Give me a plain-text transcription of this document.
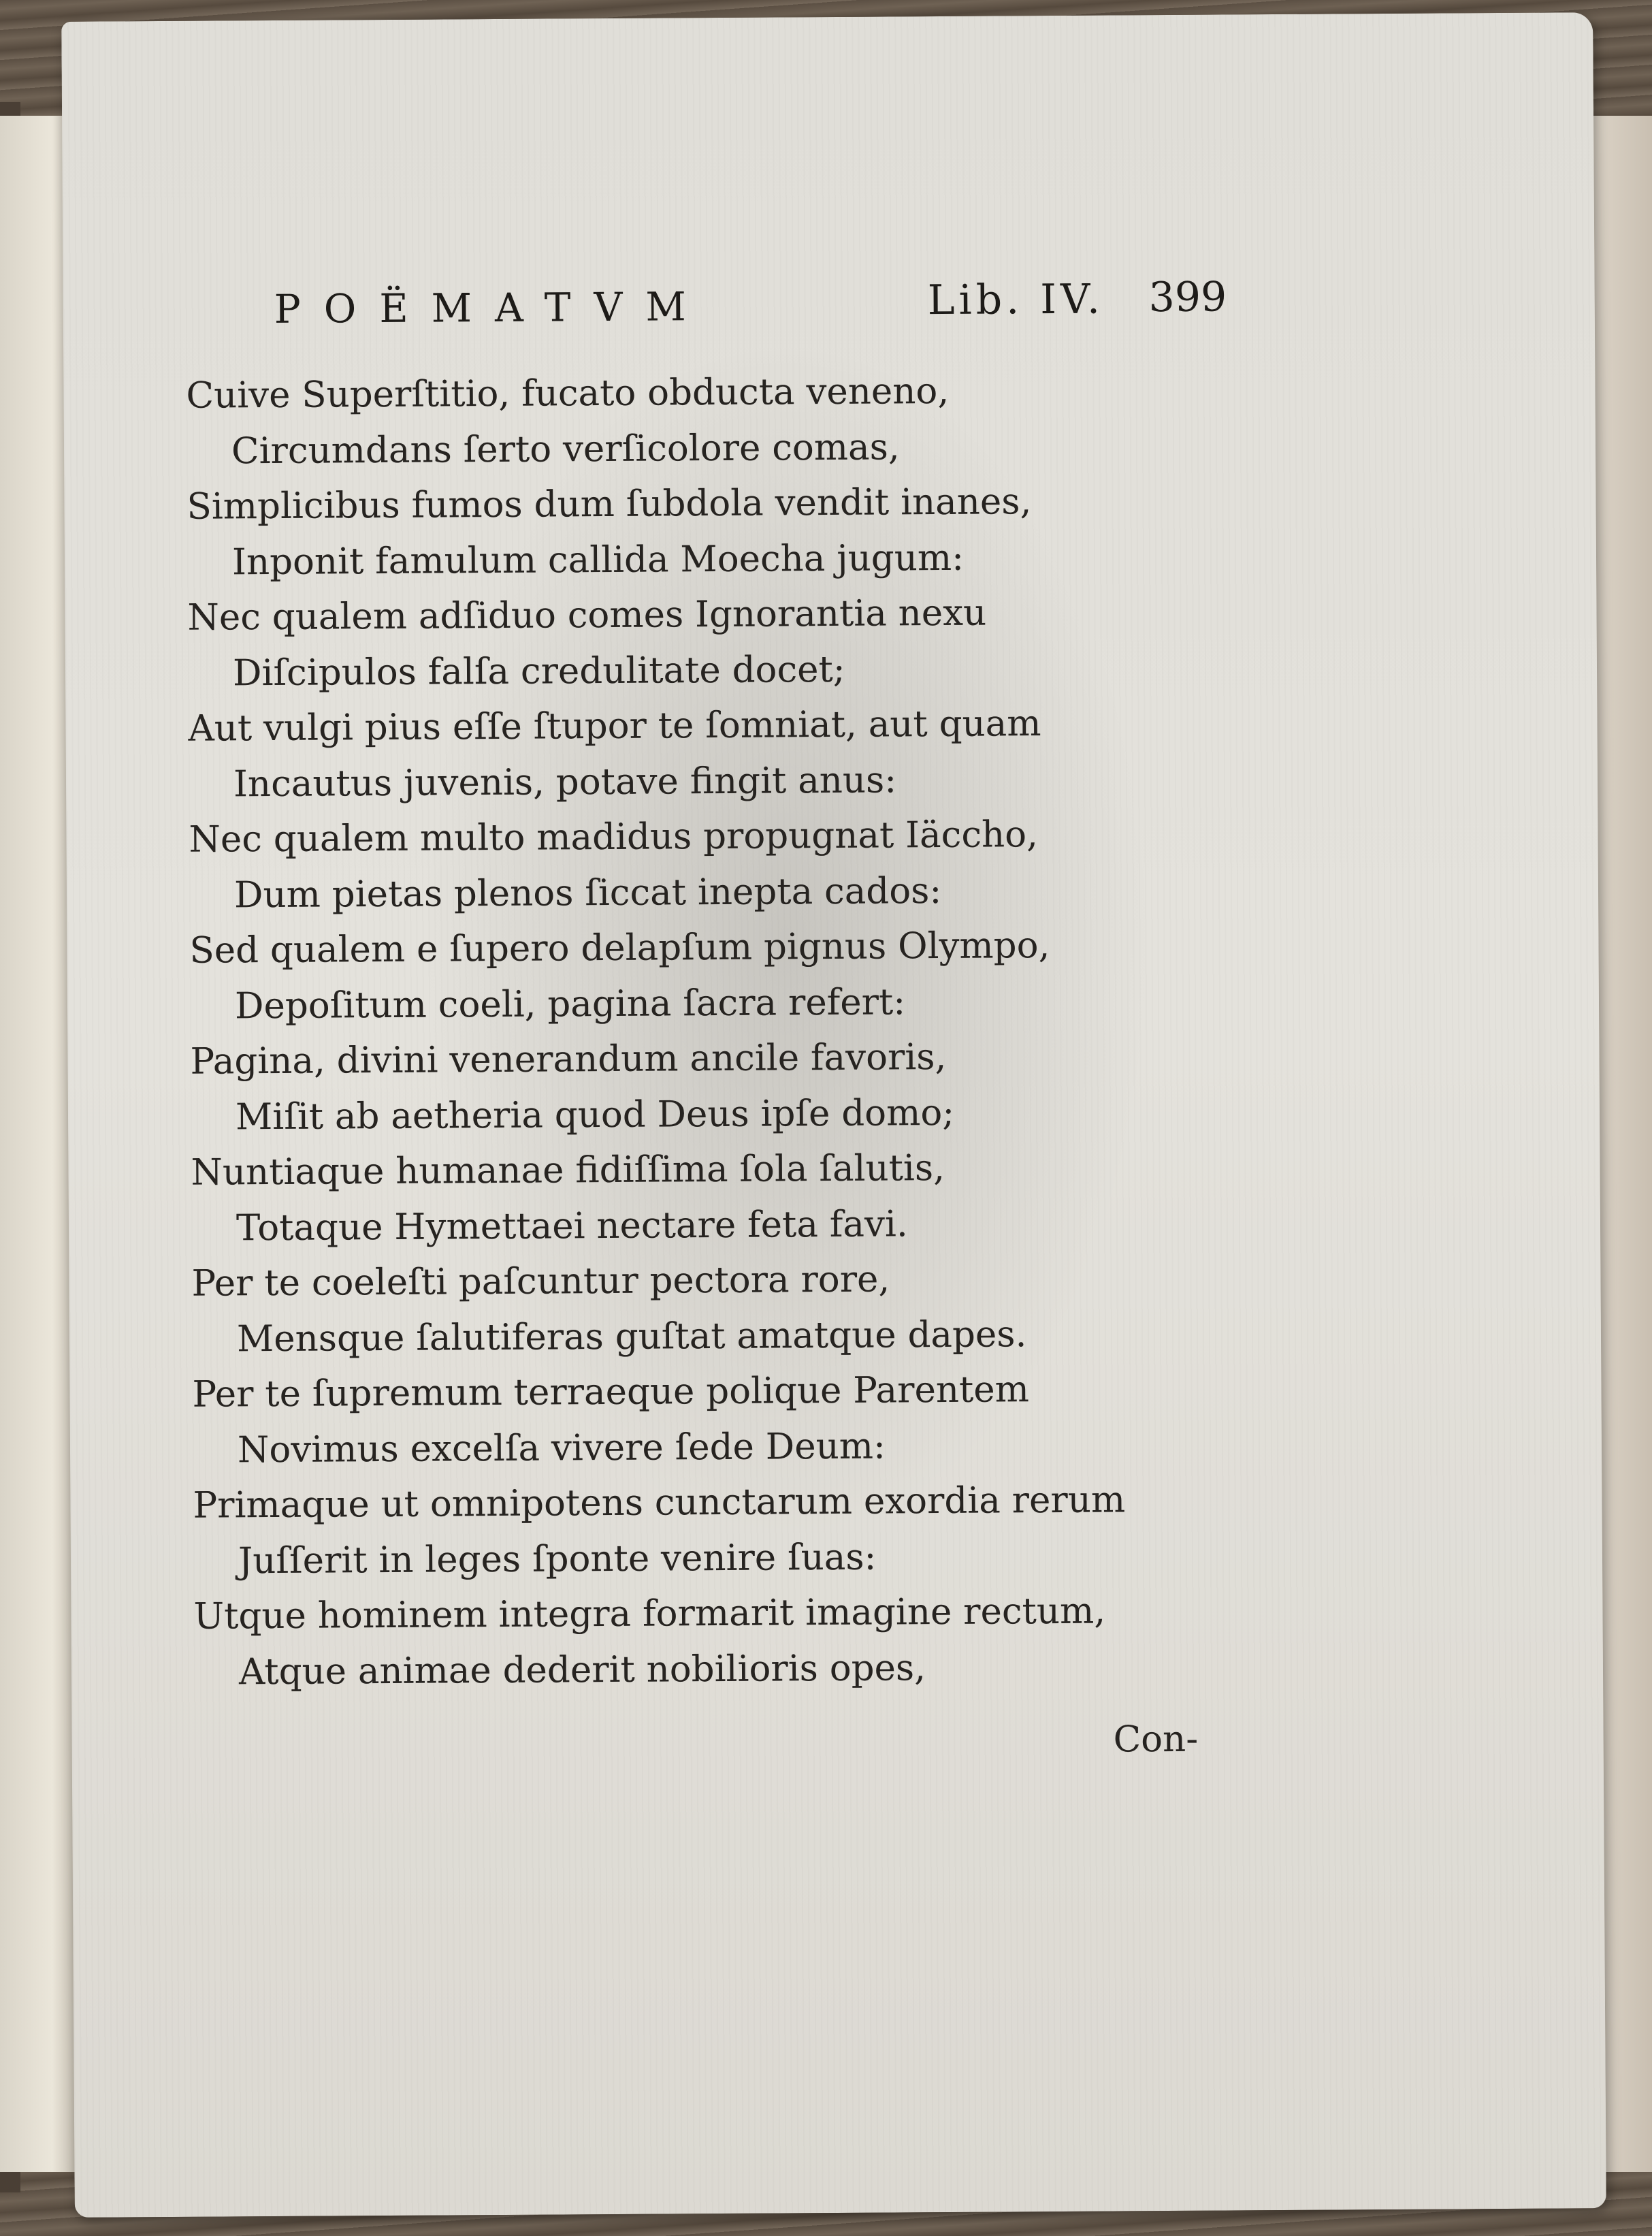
POËMATVM	Lib. IV. 399
Cuive Superſtitio, fucato obducta veneno,
Circumdans ſerto verſicolore comas,
Simplicibus fumos dum ſubdola vendit inanes,
Inponit famulum callida Moecha jugum:
Nec qualem adſiduo comes Ignorantia nexu
Diſcipulos falſa credulitate docet;
Aut vulgi pius eſſe ſtupor te ſomniat, aut quam
Incautus juvenis, potave fingit anus:
Nec qualem multo madidus propugnat Iäccho,
Dum pietas plenos ſiccat inepta cados:
Sed qualem e ſupero delapſum pignus Olympo,
Depoſitum coeli, pagina ſacra refert:
Pagina, divini venerandum ancile favoris,
Miſit ab aetheria quod Deus ipſe domo;
Nuntiaque humanae fidiſſima ſola ſalutis,
Totaque Hymettaei nectare feta favi.
Per te coeleſti paſcuntur pectora rore,
Mensque ſalutiferas guſtat amatque dapes.
Per te ſupremum terraeque polique Parentem
Novimus excelſa vivere ſede Deum:
Primaque ut omnipotens cunctarum exordia rerum
Juſſerit in leges ſponte venire ſuas:
Utque hominem integra formarit imagine rectum,
Atque animae dederit nobilioris opes,
Con-
